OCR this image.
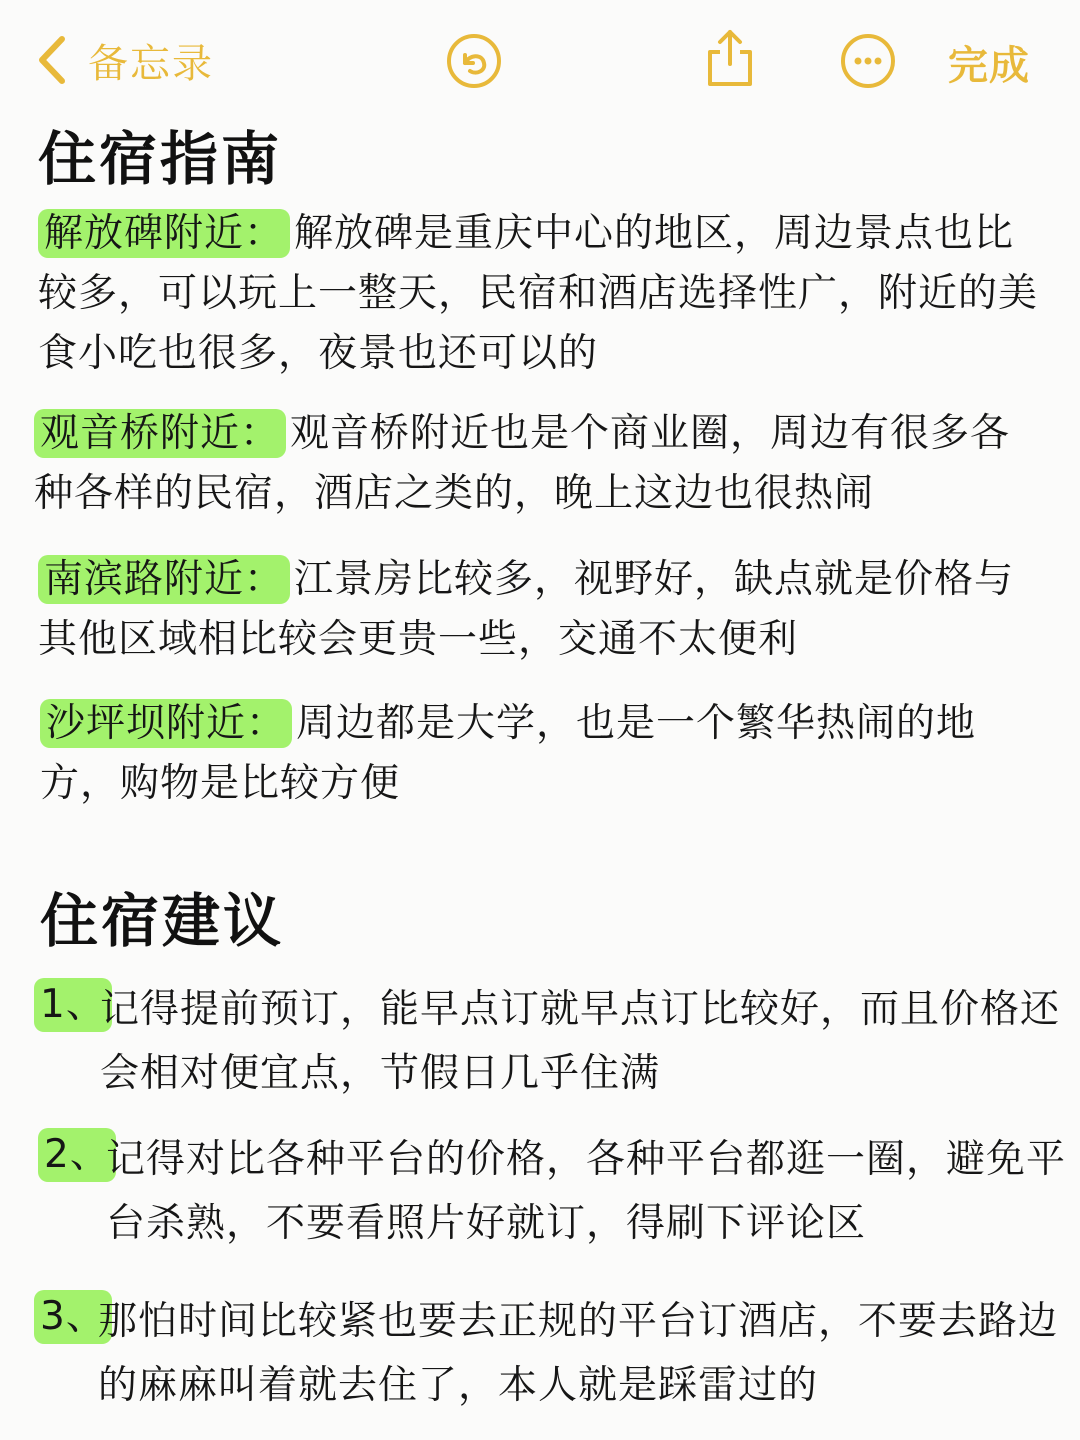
备忘录	完成
住宿指南
解放碑附近： 解放碑是重庆中心的地区，周边景点也比较多，可以玩上一整天，民宿和酒店选择性广，附近的美食小吃也很多，夜景也还可以的
观音桥附近： 观音桥附近也是个商业圈，周边有很多各种各样的民宿，酒店之类的，晚上这边也很热闹
南滨路附近： 江景房比较多，视野好，缺点就是价格与其他区域相比较会更贵一些，交通不太便利
沙坪坝附近： 周边都是大学，也是一个繁华热闹的地方，购物是比较方便
住宿建议
1、
记得提前预订，能早点订就早点订比较好，而且价格还会相对便宜点，节假日几乎住满
2、
记得对比各种平台的价格，各种平台都逛一圈，避免平台杀熟，不要看照片好就订，得刷下评论区
3、
那怕时间比较紧也要去正规的平台订酒店，不要去路边的麻麻叫着就去住了，本人就是踩雷过的
